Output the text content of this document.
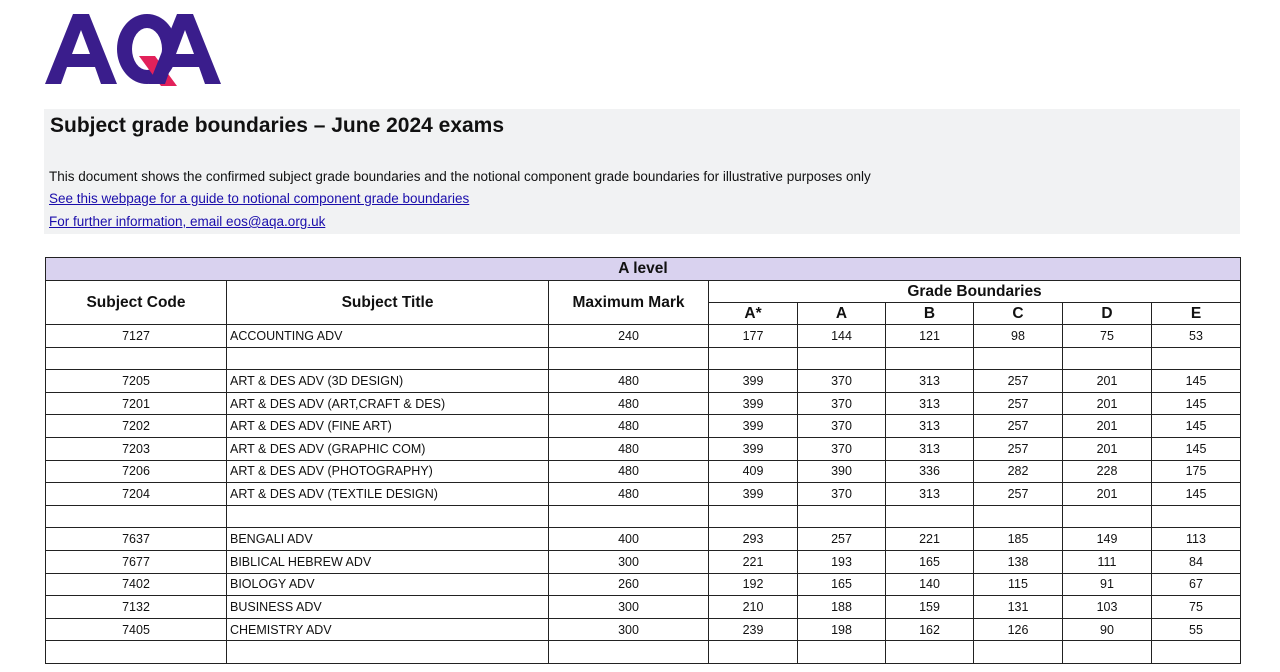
Subject grade boundaries – June 2024 exams
This document shows the confirmed subject grade boundaries and the notional component grade boundaries for illustrative purposes only
See this webpage for a guide to notional component grade boundaries
For further information, email eos@aqa.org.uk
A level								
Subject Code	Subject Title	Maximum Mark	Grade Boundaries					
			A*	A	B	C	D	E
7127	ACCOUNTING ADV	240	177	144	121	98	75	53

7205	ART & DES ADV (3D DESIGN)	480	399	370	313	257	201	145
7201	ART & DES ADV (ART,CRAFT & DES)	480	399	370	313	257	201	145
7202	ART & DES ADV (FINE ART)	480	399	370	313	257	201	145
7203	ART & DES ADV (GRAPHIC COM)	480	399	370	313	257	201	145
7206	ART & DES ADV (PHOTOGRAPHY)	480	409	390	336	282	228	175
7204	ART & DES ADV (TEXTILE DESIGN)	480	399	370	313	257	201	145

7637	BENGALI ADV	400	293	257	221	185	149	113
7677	BIBLICAL HEBREW ADV	300	221	193	165	138	111	84
7402	BIOLOGY ADV	260	192	165	140	115	91	67
7132	BUSINESS ADV	300	210	188	159	131	103	75
7405	CHEMISTRY ADV	300	239	198	162	126	90	55
